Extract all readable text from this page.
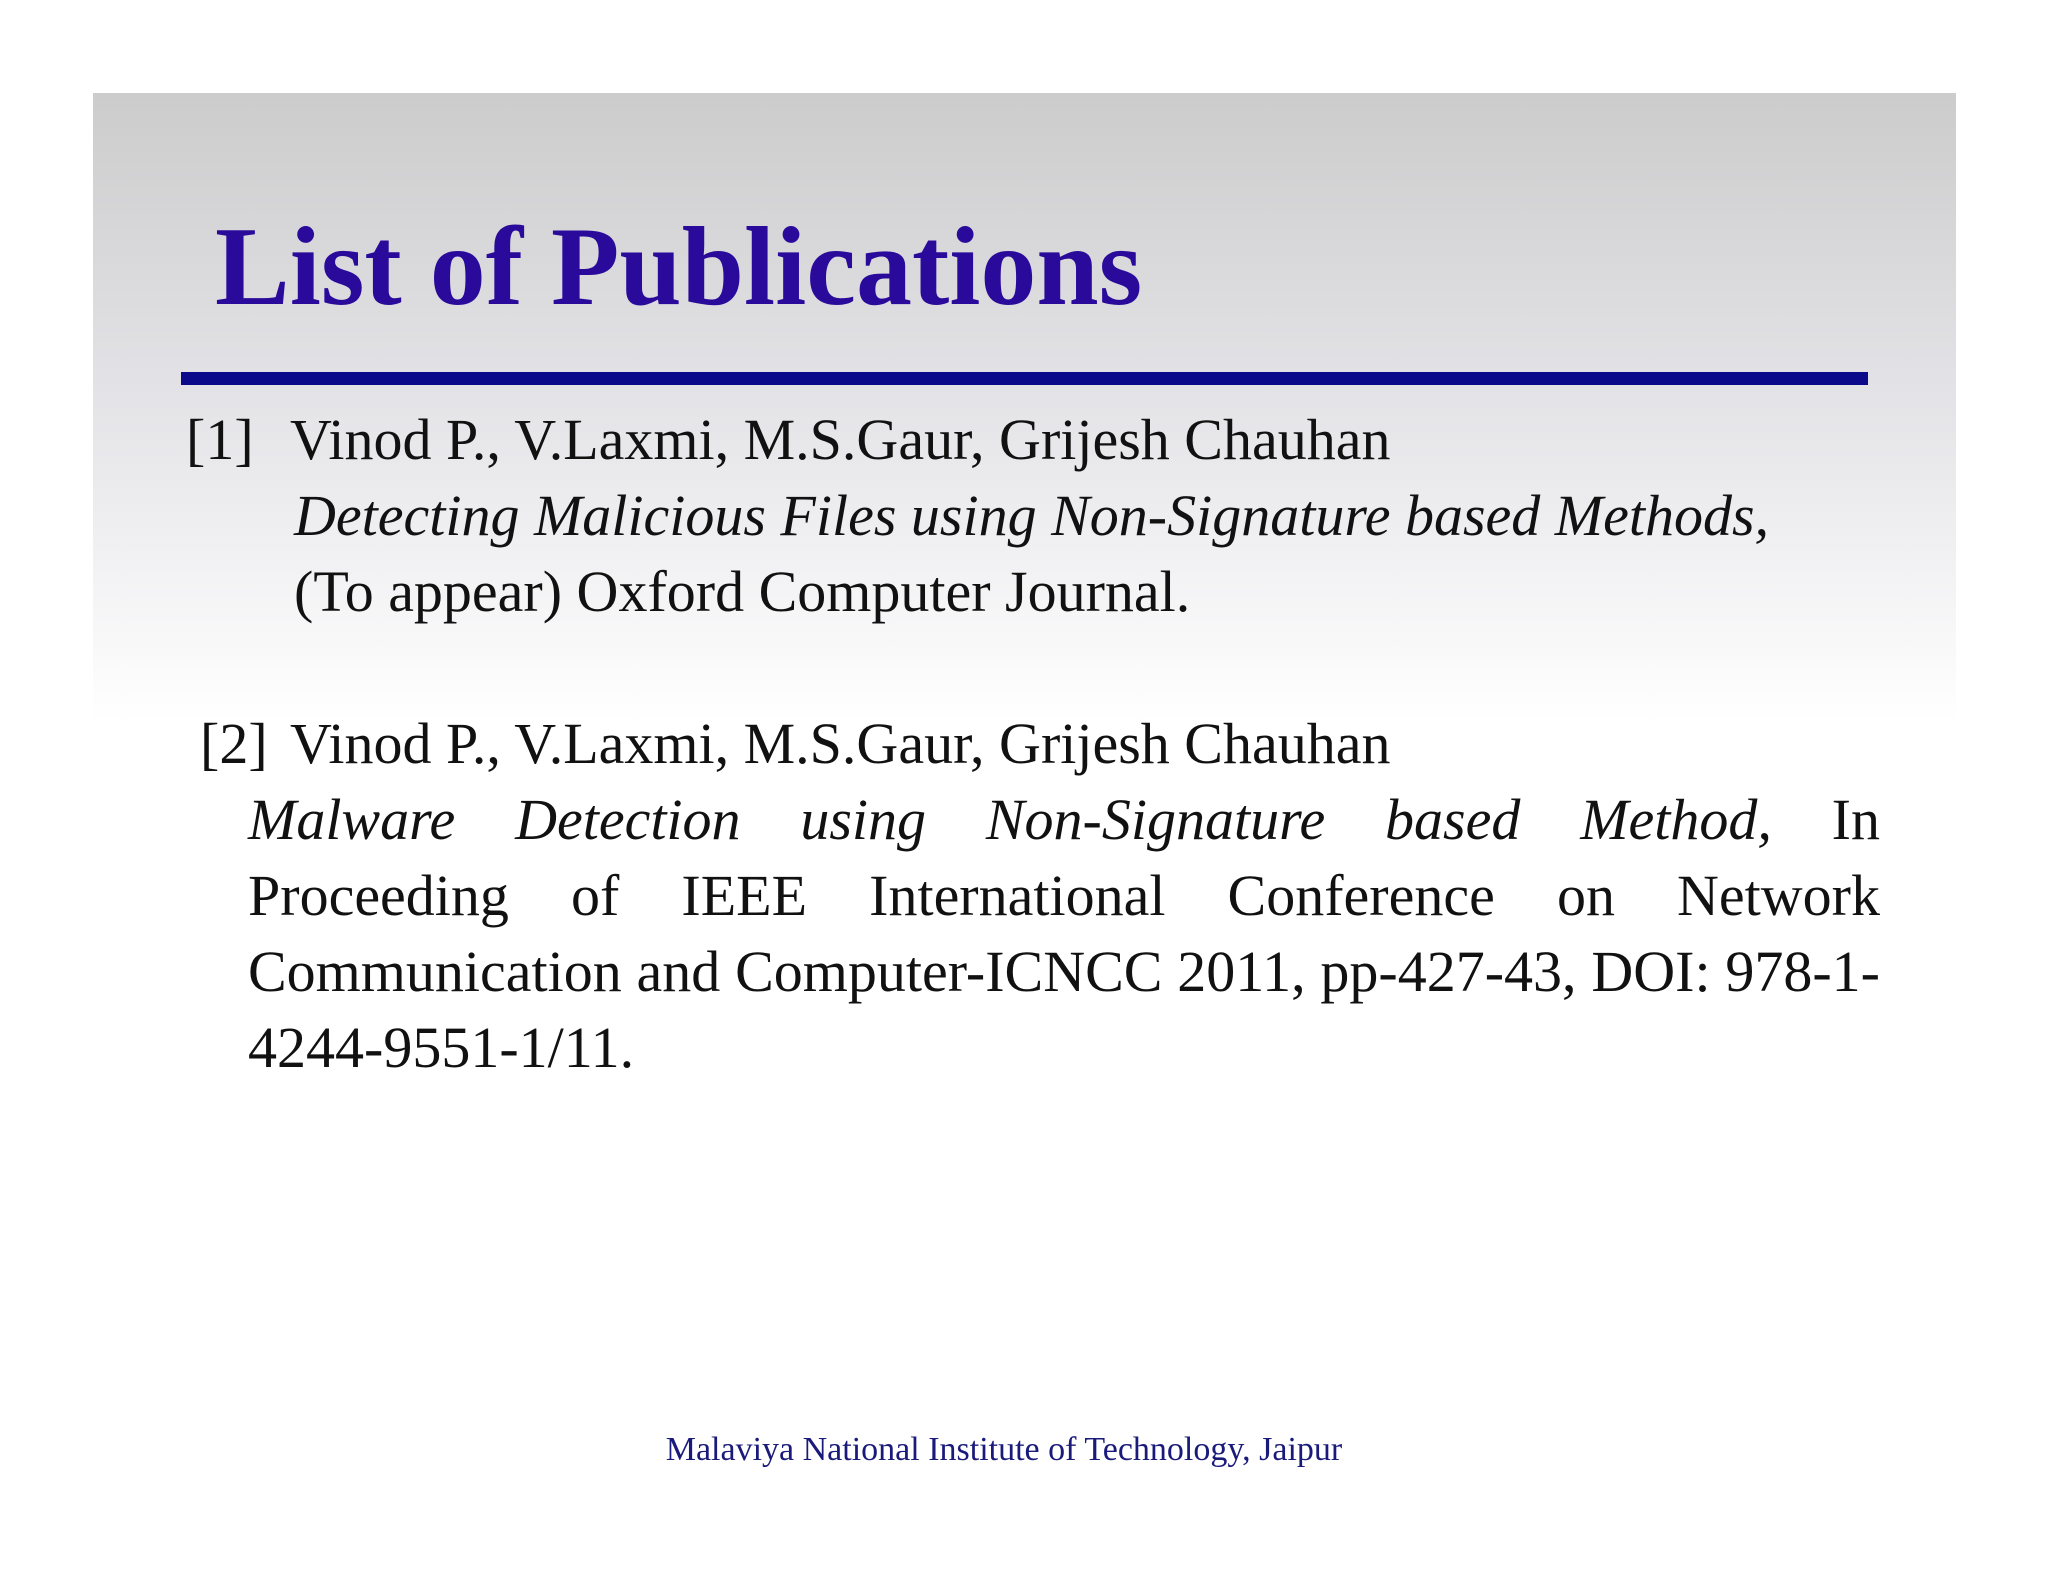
List of Publications
[1] Vinod P., V.Laxmi, M.S.Gaur, Grijesh Chauhan
Detecting Malicious Files using Non-Signature based Methods,
(To appear) Oxford Computer Journal.
[2] Vinod P., V.Laxmi, M.S.Gaur, Grijesh Chauhan
Malware Detection using Non-Signature based Method, In Proceeding of IEEE International Conference on Network Communication and Computer-ICNCC 2011, pp-427-43, DOI: 978-1-4244-9551-1/11.
Malaviya National Institute of Technology, Jaipur
